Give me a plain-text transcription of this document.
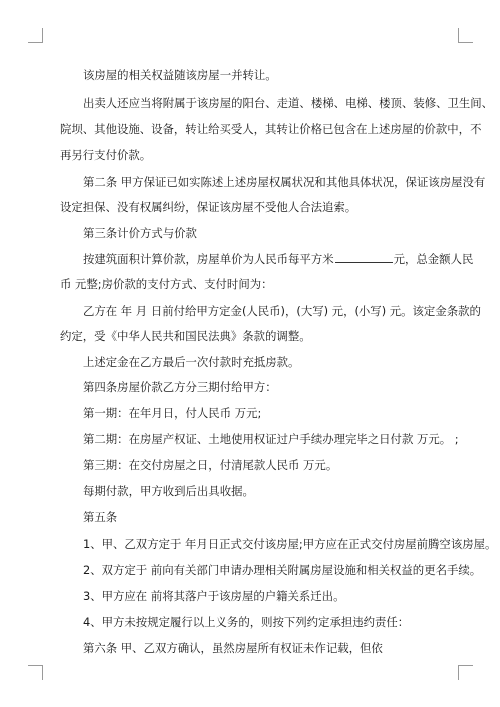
该房屋的相关权益随该房屋一并转让。
出卖人还应当将附属于该房屋的阳台、走道、楼梯、电梯、楼顶、装修、卫生间、
院坝、其他设施、设备，转让给买受人，其转让价格已包含在上述房屋的价款中，不
再另行支付价款。
第二条 甲方保证已如实陈述上述房屋权属状况和其他具体状况，保证该房屋没有
设定担保、没有权属纠纷，保证该房屋不受他人合法追索。
第三条计价方式与价款
按建筑面积计算价款，房屋单价为人民币每平方米	元，总金额人民
币 元整;房价款的支付方式、支付时间为：
乙方在 年 月 日前付给甲方定金(人民币)，(大写) 元，(小写) 元。该定金条款的
约定，受《中华人民共和国民法典》条款的调整。
上述定金在乙方最后一次付款时充抵房款。
第四条房屋价款乙方分三期付给甲方：
第一期：在年月日，付人民币 万元;
第二期：在房屋产权证、土地使用权证过户手续办理完毕之日付款 万元。 ;
第三期：在交付房屋之日，付清尾款人民币 万元。
每期付款，甲方收到后出具收据。
第五条
1、甲、乙双方定于 年月日正式交付该房屋;甲方应在正式交付房屋前腾空该房屋。
2、双方定于 前向有关部门申请办理相关附属房屋设施和相关权益的更名手续。
3、甲方应在 前将其落户于该房屋的户籍关系迁出。
4、甲方未按规定履行以上义务的，则按下列约定承担违约责任：
第六条 甲、乙双方确认，虽然房屋所有权证未作记载，但依
